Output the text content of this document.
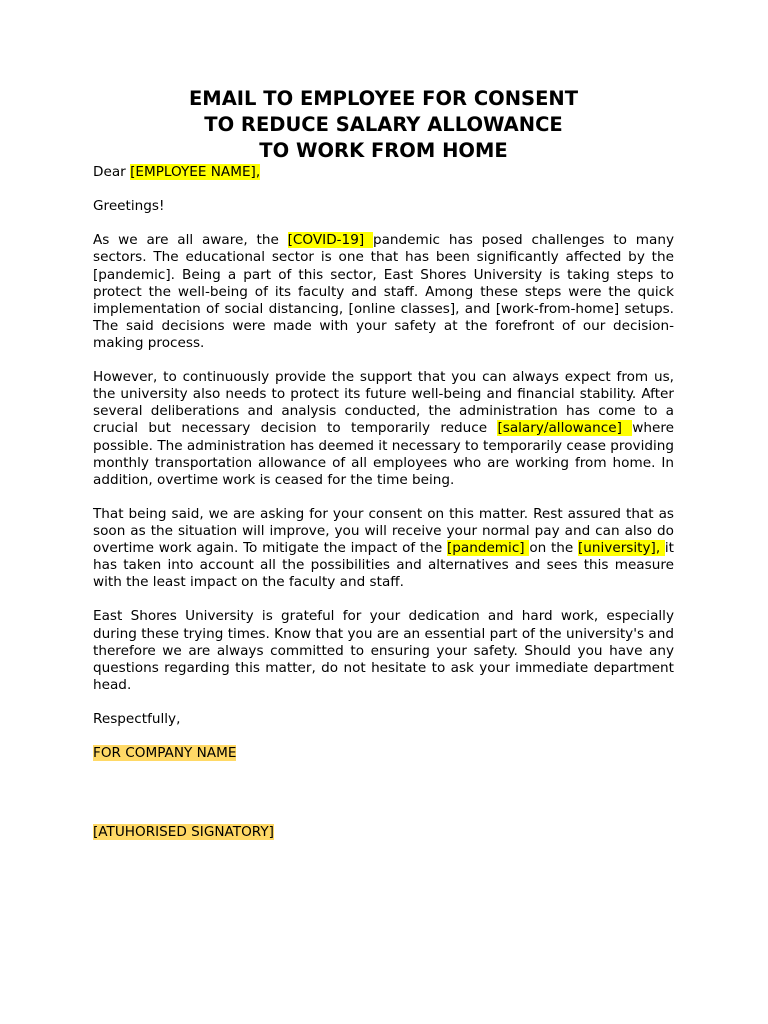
EMAIL TO EMPLOYEE FOR CONSENT
TO REDUCE SALARY ALLOWANCE
TO WORK FROM HOME

Dear [EMPLOYEE NAME],

Greetings!

As we are all aware, the [COVID-19] pandemic has posed challenges to many sectors. The educational sector is one that has been significantly affected by the [pandemic]. Being a part of this sector, East Shores University is taking steps to protect the well-being of its faculty and staff. Among these steps were the quick implementation of social distancing, [online classes], and [work-from-home] setups. The said decisions were made with your safety at the forefront of our decision-making process.

However, to continuously provide the support that you can always expect from us, the university also needs to protect its future well-being and financial stability. After several deliberations and analysis conducted, the administration has come to a crucial but necessary decision to temporarily reduce [salary/allowance] where possible. The administration has deemed it necessary to temporarily cease providing monthly transportation allowance of all employees who are working from home. In addition, overtime work is ceased for the time being.

That being said, we are asking for your consent on this matter. Rest assured that as soon as the situation will improve, you will receive your normal pay and can also do overtime work again. To mitigate the impact of the [pandemic] on the [university], it has taken into account all the possibilities and alternatives and sees this measure with the least impact on the faculty and staff.

East Shores University is grateful for your dedication and hard work, especially during these trying times. Know that you are an essential part of the university's and therefore we are always committed to ensuring your safety. Should you have any questions regarding this matter, do not hesitate to ask your immediate department head.

Respectfully,

FOR COMPANY NAME

[ATUHORISED SIGNATORY]
